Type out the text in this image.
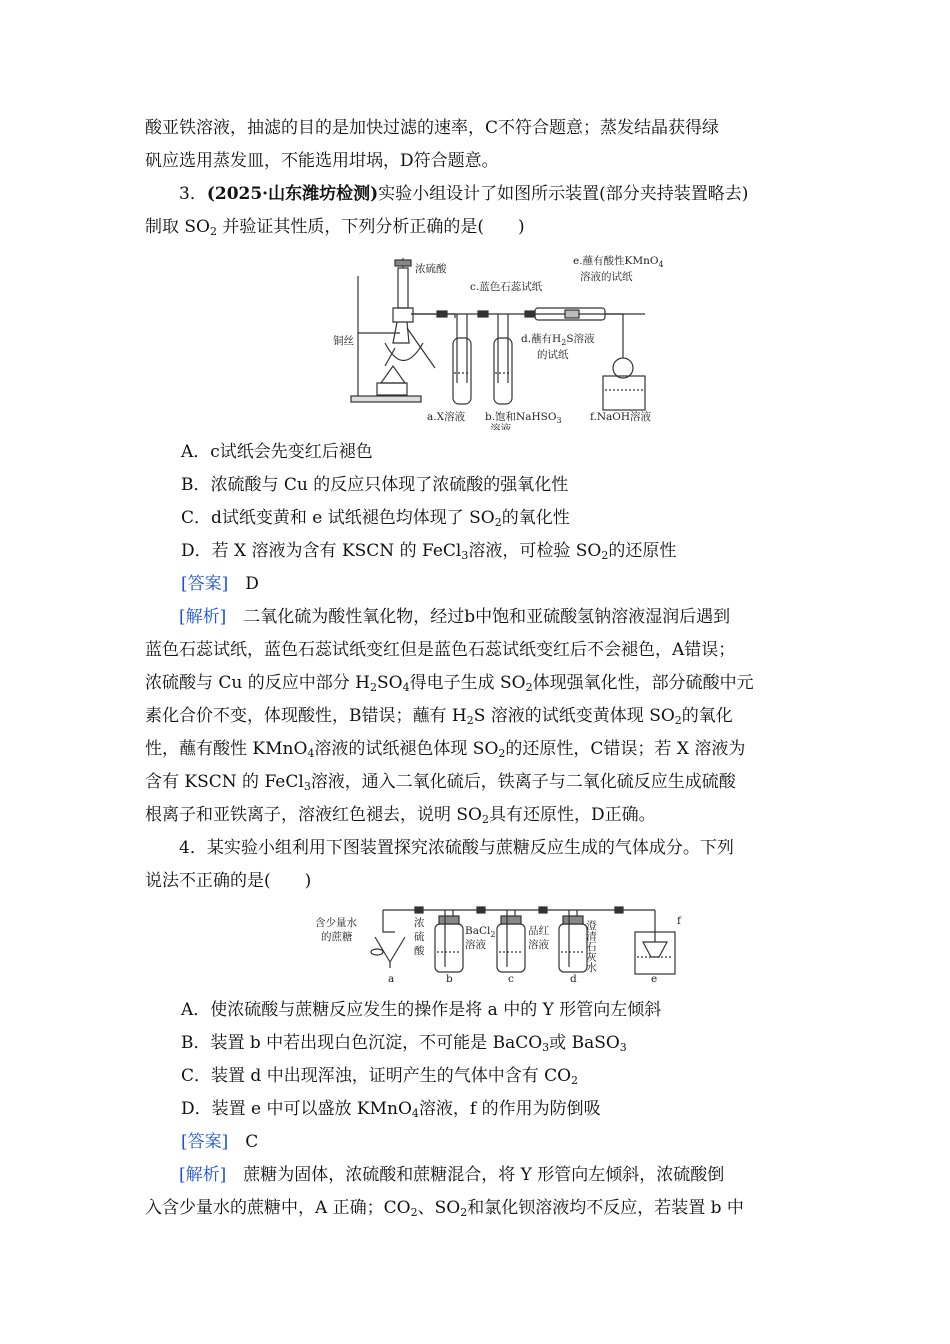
酸亚铁溶液，抽滤的目的是加快过滤的速率，C不符合题意；蒸发结晶获得绿

矾应选用蒸发皿，不能选用坩埚，D符合题意。

3．(2025·山东潍坊检测)实验小组设计了如图所示装置(部分夹持装置略去)

制取 $SO_2$ 并验证其性质，下列分析正确的是(　　)

浓硫酸
铜丝
c.蓝色石蕊试纸
e.蘸有酸性KMnO$_4$
溶液的试纸
d.蘸有$H_2S$溶液
的试纸
a.X溶液 b.饱和NaHSO$_3$
溶液
f.NaOH溶液

A．c试纸会先变红后褪色

B．浓硫酸与 Cu 的反应只体现了浓硫酸的强氧化性

C．d试纸变黄和 e 试纸褪色均体现了 $SO_2$的氧化性

D．若 X 溶液为含有 KSCN 的 FeCl$_3$溶液，可检验 $SO_2$的还原性

[答案]　 D

[解析]　二氧化硫为酸性氧化物，经过b中饱和亚硫酸氢钠溶液湿润后遇到

蓝色石蕊试纸，蓝色石蕊试纸变红但是蓝色石蕊试纸变红后不会褪色，A错误；

浓硫酸与 Cu 的反应中部分 $H_2SO_4$得电子生成 $SO_2$体现强氧化性，部分硫酸中元

素化合价不变，体现酸性，B错误；蘸有 $H_2S$ 溶液的试纸变黄体现 $SO_2$的氧化

性，蘸有酸性 KMnO$_4$溶液的试纸褪色体现 $SO_2$的还原性，C错误；若 X 溶液为

含有 KSCN 的 FeCl$_3$溶液，通入二氧化硫后，铁离子与二氧化硫反应生成硫酸

根离子和亚铁离子，溶液红色褪去，说明 $SO_2$具有还原性，D正确。

4．某实验小组利用下图装置探究浓硫酸与蔗糖反应生成的气体成分。下列

说法不正确的是(　　)

含少量水
的蔗糖
浓
硫
酸
BaCl$_2$
溶液
品红
溶液	澄清石灰水	f
a	b	c	d	e

A．使浓硫酸与蔗糖反应发生的操作是将 a 中的 Y 形管向左倾斜

B．装置 b 中若出现白色沉淀，不可能是 BaCO$_3$或 BaSO$_3$

C．装置 d 中出现浑浊，证明产生的气体中含有 $CO_2$

D．装置 e 中可以盛放 KMnO$_4$溶液，f 的作用为防倒吸

[答案]　 C

[解析]　蔗糖为固体，浓硫酸和蔗糖混合，将 Y 形管向左倾斜，浓硫酸倒

入含少量水的蔗糖中，A 正确；$CO_2$、$SO_2$和氯化钡溶液均不反应，若装置 b 中
